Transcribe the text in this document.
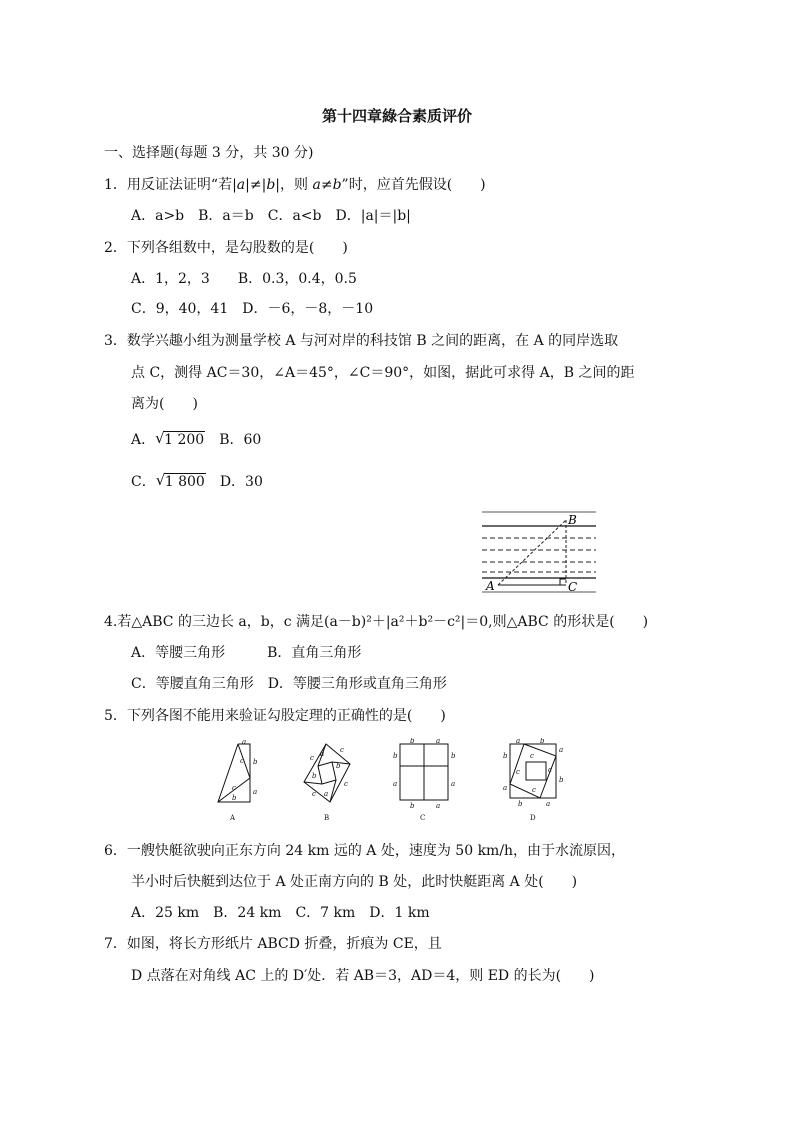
第十四章綠合素质评价
一、选择题(每题 3 分，共 30 分)
1．用反证法证明“若|a|≠|b|，则 a≠b”时，应首先假设(　　)
A．a>b　B．a＝b　C．a<b　D．|a|＝|b|
2．下列各组数中，是勾股数的是(　　)
A．1，2，3　　B．0.3，0.4，0.5
C．9，40，41　D．－6，－8，－10
3．数学兴趣小组为测量学校 A 与河对岸的科技馆 B 之间的距离，在 A 的同岸选取
点 C，测得 AC＝30，∠A＝45°，∠C＝90°，如图，据此可求得 A，B 之间的距
离为(　　)
A． √ 1 200　 B．60
C． √ 1 800　 D．30
A
B
C
4.若△ABC 的三边长 a，b，c 满足(a－b)²＋|a²＋b²－c²|＝0,则△ABC 的形状是(　　)
A．等腰三角形　　　B．直角三角形
C．等腰直角三角形　D．等腰三角形或直角三角形
5．下列各图不能用来验证勾股定理的正确性的是(　　)
a
b
a
b
c
c
A
c
c
c
c
a
b
a
b
B
b	a
b
a
b
a
b	a
C
a	b
b
a
a
b
b	a
c
c
c
c
D
6．一艘快艇欲驶向正东方向 24 km 远的 A 处，速度为 50 km/h，由于水流原因，
半小时后快艇到达位于 A 处正南方向的 B 处，此时快艇距离 A 处(　　)
A．25 km　B．24 km　C．7 km　D．1 km
7．如图，将长方形纸片 ABCD 折叠，折痕为 CE，且
D 点落在对角线 AC 上的 D′处．若 AB＝3，AD＝4，则 ED 的长为(　　)
